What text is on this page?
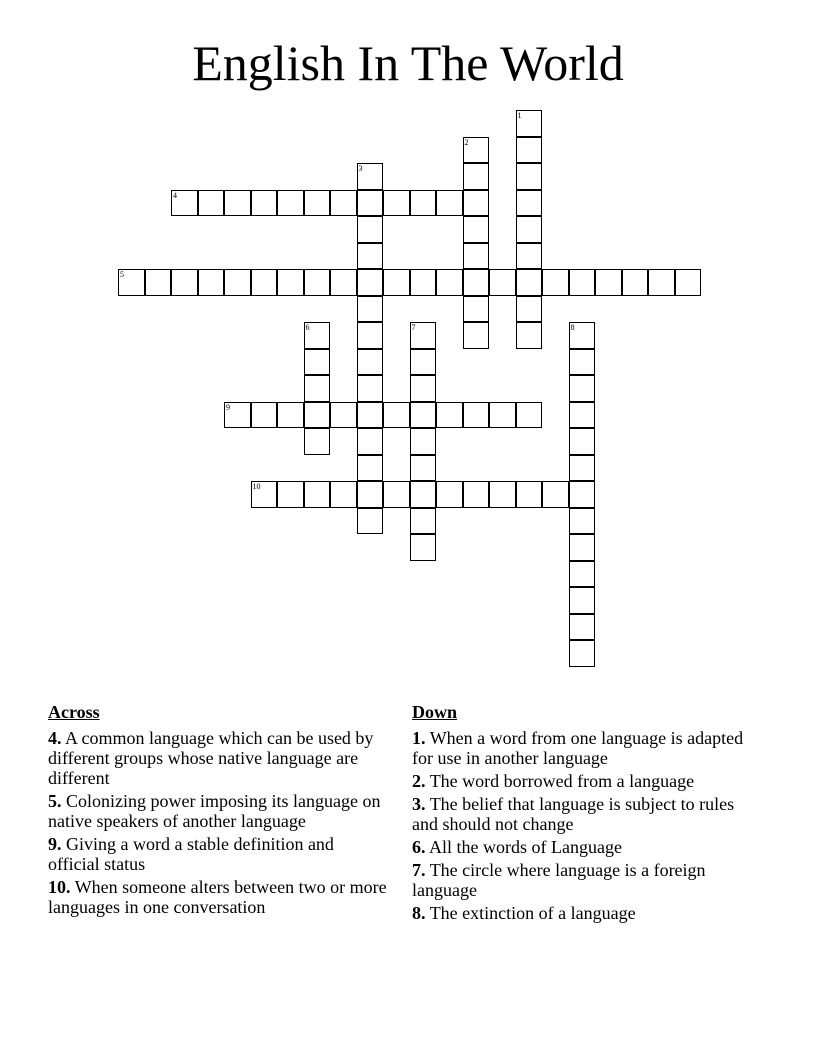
English In The World
1
2
3
4
5
6	7	8
9
10
Across
4. A common language which can be used by different groups whose native language are different
5. Colonizing power imposing its language on native speakers of another language
9. Giving a word a stable definition and official status
10. When someone alters between two or more languages in one conversation
Down
1. When a word from one language is adapted for use in another language
2. The word borrowed from a language
3. The belief that language is subject to rules and should not change
6. All the words of Language
7. The circle where language is a foreign language
8. The extinction of a language
